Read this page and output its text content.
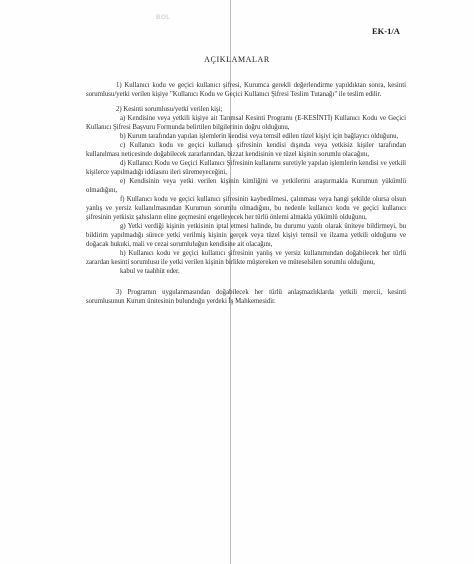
BOL
EK-1/A
AÇIKLAMALAR

1) Kullanıcı kodu ve geçici kullanıcı şifresi, Kurumca gerekli değerlendirme yapıldıktan sonra, kesinti sorumlusu/yetki verilen kişiye "Kullanıcı Kodu ve Geçici Kullanıcı Şifresi Teslim Tutanağı" ile teslim edilir.

2) Kesinti sorumlusu/yetki verilen kişi;

a) Kendisine veya yetkili kişiye ait Tarımsal Kesinti Programı (E-KESİNTİ) Kullanıcı Kodu ve Geçici Kullanıcı Şifresi Başvuru Formunda belirtilen bilgilerinin doğru olduğunu,

b) Kurum tarafından yapılan işlemlerin kendisi veya temsil edilen tüzel kişiyi için bağlayıcı olduğunu,

c) Kullanıcı kodu ve geçici kullanıcı şifresinin kendisi dışında veya yetkisiz kişiler tarafından kullanılması neticesinde doğabilecek zararlarından, bizzat kendisinin ve tüzel kişinin sorumlu olacağını,

d) Kullanıcı Kodu ve Geçici Kullanıcı Şifresinin kullanımı suretiyle yapılan işlemlerin kendisi ve yetkili kişilerce yapılmadığı iddiasını ileri süremeyeceğini,

e) Kendisinin veya yetki verilen kişinin kimliğini ve yetkilerini araştırmakla Kurumun yükümlü olmadığını,

f) Kullanıcı kodu ve geçici kullanıcı şifresinin kaybedilmesi, çalınması veya hangi şekilde olursa olsun yanlış ve yersiz kullanılmasından Kurumun sorumlu olmadığını, bu nedenle kullanıcı kodu ve geçici kullanıcı şifresinin yetkisiz şahısların eline geçmesini engelleyecek her türlü önlemi almakla yükümlü olduğunu,

g) Yetki verdiği kişinin yetkisinin iptal etmesi halinde, bu durumu yazılı olarak üniteye bildirmeyi, bu bildirim yapılmadığı sürece yetki verilmiş kişinin gerçek veya tüzel kişiyi temsil ve ilzama yetkili olduğunu ve doğacak hukuki, mali ve cezai sorumluluğun kendisine ait olacağını,

h) Kullanıcı kodu ve geçici kullanıcı şifresinin yanlış ve yersiz kullanımından doğabilecek her türlü zarardan kesinti sorumlusu ile yetki verilen kişinin birlikte müştereken ve müteselsilen sorumlu olduğunu,

kabul ve taahhüt eder.

3) Programın uygulanmasından doğabilecek her türlü anlaşmazlıklarda yetkili mercii, kesinti sorumlusunun Kurum ünitesinin bulunduğu yerdeki İş Mahkemesidir.
